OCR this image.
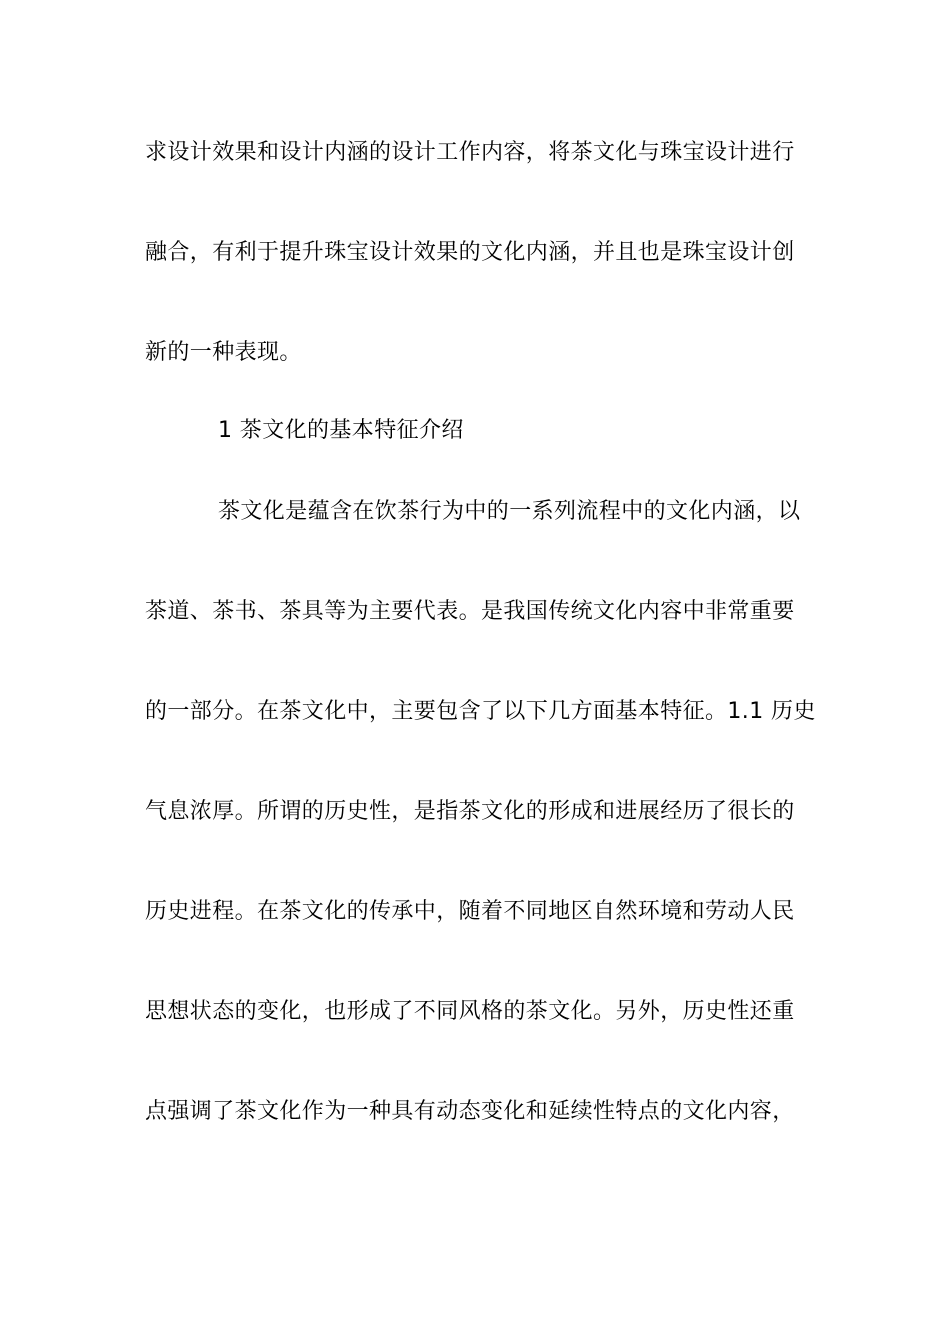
求设计效果和设计内涵的设计工作内容，将茶文化与珠宝设计进行
融合，有利于提升珠宝设计效果的文化内涵，并且也是珠宝设计创
新的一种表现。
1 茶文化的基本特征介绍
茶文化是蕴含在饮茶行为中的一系列流程中的文化内涵，以
茶道、茶书、茶具等为主要代表。是我国传统文化内容中非常重要
的一部分。在茶文化中，主要包含了以下几方面基本特征。1.1 历史
气息浓厚。所谓的历史性，是指茶文化的形成和进展经历了很长的
历史进程。在茶文化的传承中，随着不同地区自然环境和劳动人民
思想状态的变化，也形成了不同风格的茶文化。另外，历史性还重
点强调了茶文化作为一种具有动态变化和延续性特点的文化内容，
